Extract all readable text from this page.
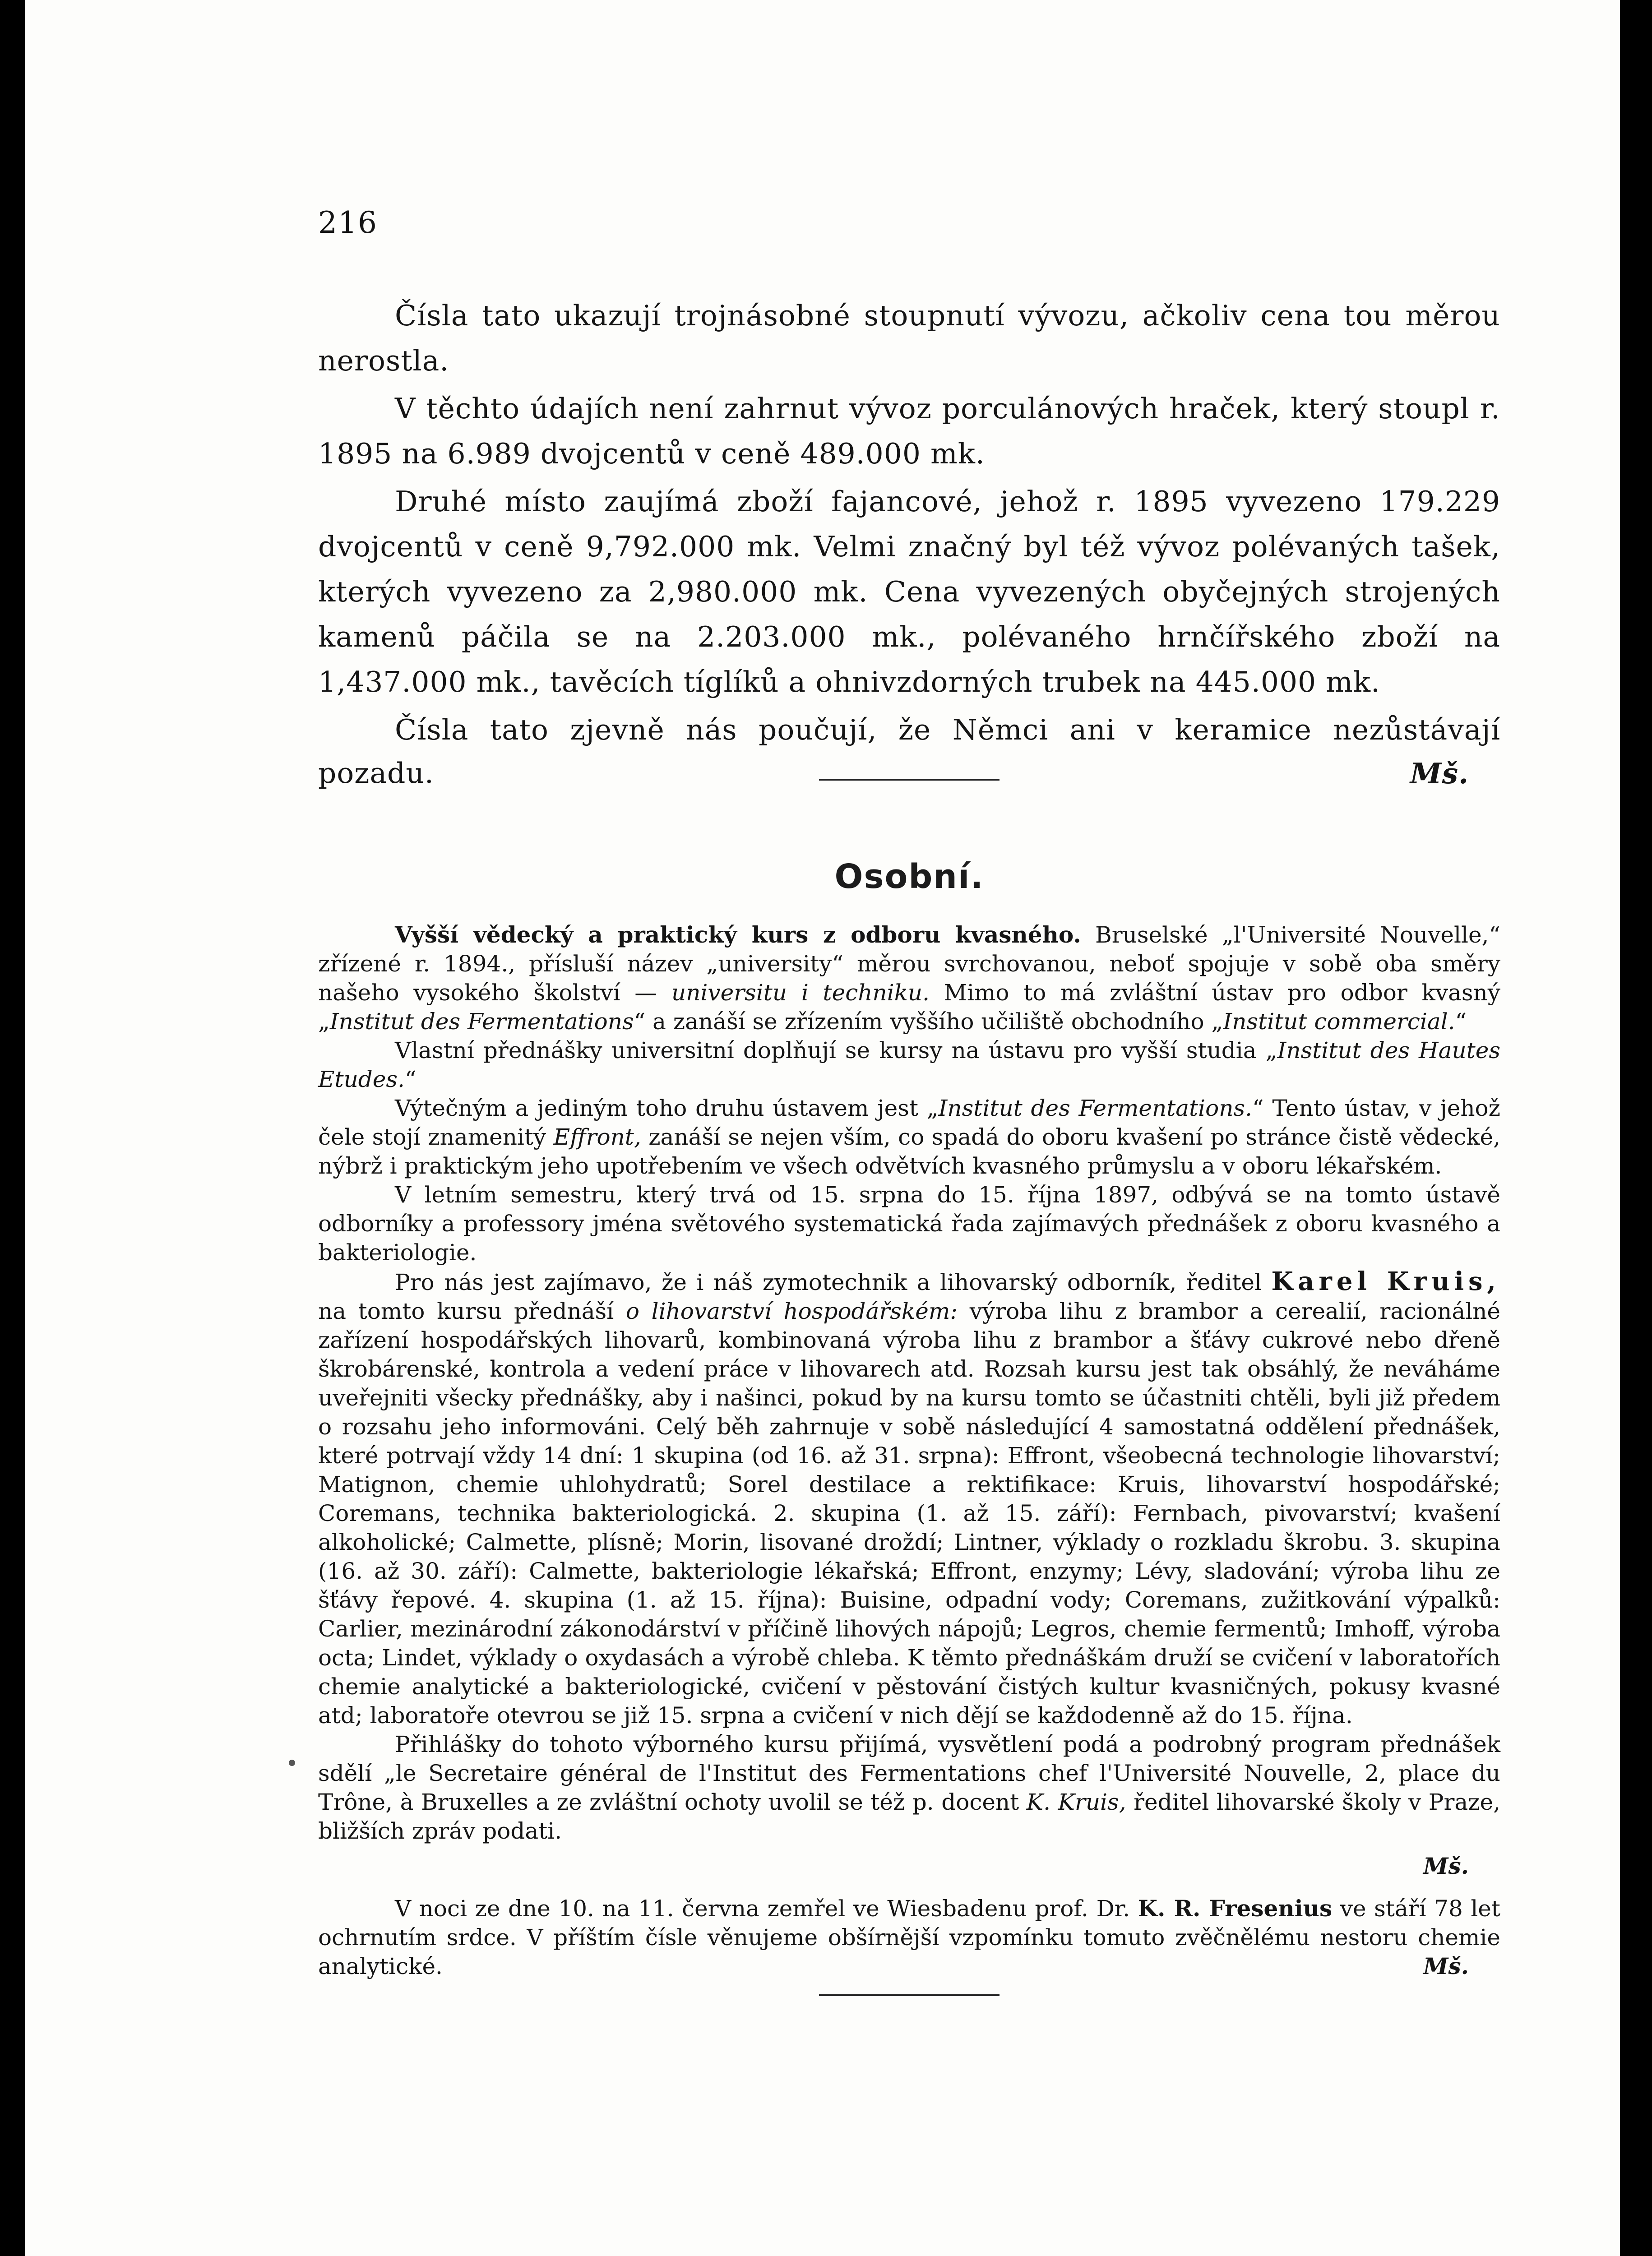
216

Čísla tato ukazují trojnásobné stoupnutí vývozu, ačkoliv cena tou měrou nerostla.

V těchto údajích není zahrnut vývoz porculánových hraček, který stoupl r. 1895 na 6.989 dvojcentů v ceně 489.000 mk.

Druhé místo zaujímá zboží fajancové, jehož r. 1895 vyvezeno 179.229 dvojcentů v ceně 9,792.000 mk. Velmi značný byl též vývoz polévaných tašek, kterých vyvezeno za 2,980.000 mk. Cena vyvezených obyčejných strojených kamenů páčila se na 2.203.000 mk., polévaného hrnčířského zboží na 1,437.000 mk., tavěcích tíglíků a ohnivzdorných trubek na 445.000 mk.

Čísla tato zjevně nás poučují, že Němci ani v keramice nezůstávají

pozadu.	Mš.
Osobní.

Vyšší vědecký a praktický kurs z odboru kvasného. Bruselské „l'Université Nouvelle,“ zřízené r. 1894., přísluší název „university“ měrou svrchovanou, neboť spojuje v sobě oba směry našeho vysokého školství — universitu i techniku. Mimo to má zvláštní ústav pro odbor kvasný „Institut des Fermentations“ a zanáší se zřízením vyššího učiliště obchodního „Institut commercial.“

Vlastní přednášky universitní doplňují se kursy na ústavu pro vyšší studia „Institut des Hautes Etudes.“

Výtečným a jediným toho druhu ústavem jest „Institut des Fermentations.“ Tento ústav, v jehož čele stojí znamenitý Effront, zanáší se nejen vším, co spadá do oboru kvašení po stránce čistě vědecké, nýbrž i praktickým jeho upotřebením ve všech odvětvích kvasného průmyslu a v oboru lékařském.

V letním semestru, který trvá od 15. srpna do 15. října 1897, odbývá se na tomto ústavě odborníky a professory jména světového systematická řada zajímavých přednášek z oboru kvasného a bakteriologie.

Pro nás jest zajímavo, že i náš zymotechnik a lihovarský odborník, ředitel Karel Kruis, na tomto kursu přednáší o lihovarství hospodářském: výroba lihu z brambor a cerealií, racionálné zařízení hospodářských lihovarů, kombinovaná výroba lihu z brambor a šťávy cukrové nebo dřeně škrobárenské, kontrola a vedení práce v lihovarech atd. Rozsah kursu jest tak obsáhlý, že neváháme uveřejniti všecky přednášky, aby i našinci, pokud by na kursu tomto se účastniti chtěli, byli již předem o rozsahu jeho informováni. Celý běh zahrnuje v sobě následující 4 samostatná oddělení přednášek, které potrvají vždy 14 dní: 1 skupina (od 16. až 31. srpna): Effront, všeobecná technologie lihovarství; Matignon, chemie uhlohydratů; Sorel destilace a rektifikace: Kruis, lihovarství hospodářské; Coremans, technika bakteriologická. 2. skupina (1. až 15. září): Fernbach, pivovarství; kvašení alkoholické; Calmette, plísně; Morin, lisované droždí; Lintner, výklady o rozkladu škrobu. 3. skupina (16. až 30. září): Calmette, bakteriologie lékařská; Effront, enzymy; Lévy, sladování; výroba lihu ze šťávy řepové. 4. skupina (1. až 15. října): Buisine, odpadní vody; Coremans, zužitkování výpalků: Carlier, mezinárodní zákonodárství v příčině lihových nápojů; Legros, chemie fermentů; Imhoff, výroba octa; Lindet, výklady o oxydasách a výrobě chleba. K těmto přednáškám druží se cvičení v laboratořích chemie analytické a bakteriologické, cvičení v pěstování čistých kultur kvasničných, pokusy kvasné atd; laboratoře otevrou se již 15. srpna a cvičení v nich dějí se každodenně až do 15. října.

Přihlášky do tohoto výborného kursu přijímá, vysvětlení podá a podrobný program přednášek sdělí „le Secretaire général de l'Institut des Fermentations chef l'Université Nouvelle, 2, place du Trône, à Bruxelles a ze zvláštní ochoty uvolil se též p. docent K. Kruis, ředitel lihovarské školy v Praze, bližších zpráv podati.

Mš.

V noci ze dne 10. na 11. června zemřel ve Wiesbadenu prof. Dr. K. R. Fresenius ve stáří 78 let ochrnutím srdce. V příštím čísle věnujeme obšírnější vzpomínku tomuto zvěčnělému nestoru chemie analytické.	Mš.
